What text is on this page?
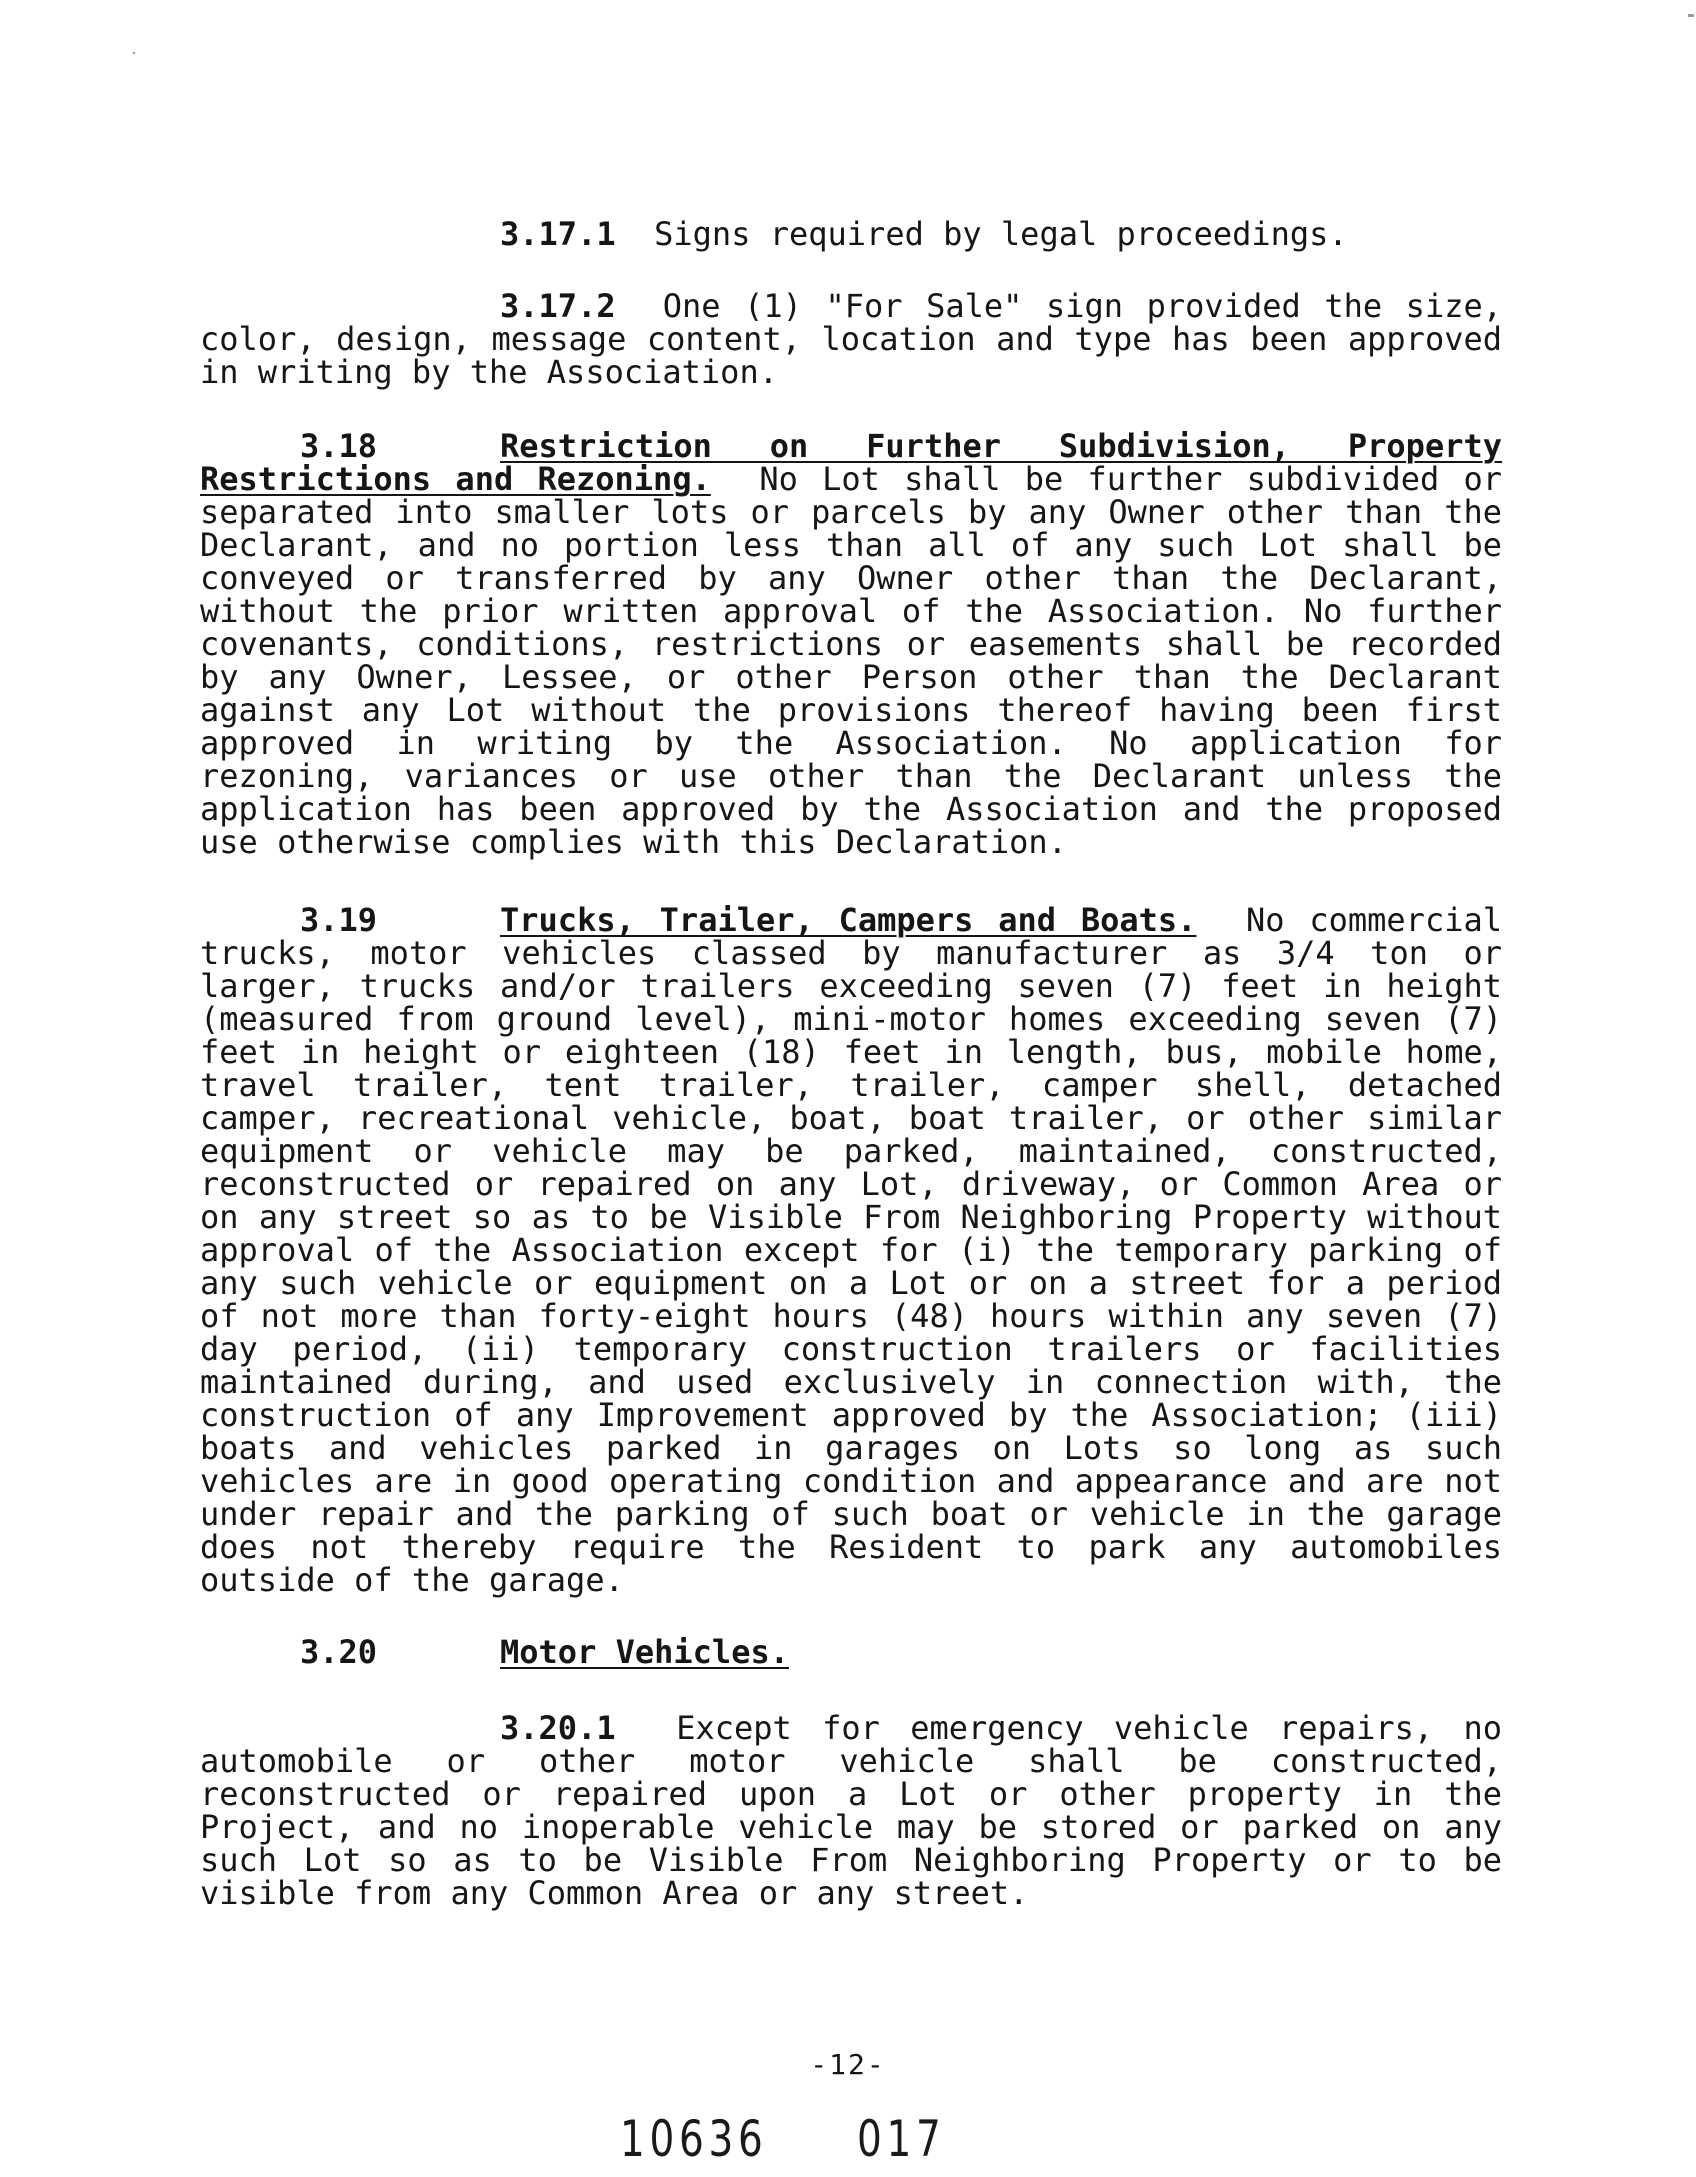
3.17.1 Signs required by legal proceedings.
3.17.2 One (1) "For Sale" sign provided the size, color, design, message content, location and type has been approved in writing by the Association.
3.18	Restriction on Further Subdivision, Property Restrictions and Rezoning. No Lot shall be further subdivided or separated into smaller lots or parcels by any Owner other than the Declarant, and no portion less than all of any such Lot shall be conveyed or transferred by any Owner other than the Declarant, without the prior written approval of the Association. No further covenants, conditions, restrictions or easements shall be recorded by any Owner, Lessee, or other Person other than the Declarant against any Lot without the provisions thereof having been first approved in writing by the Association. No application for rezoning, variances or use other than the Declarant unless the application has been approved by the Association and the proposed use otherwise complies with this Declaration.
3.19	Trucks, Trailer, Campers and Boats. No commercial trucks, motor vehicles classed by manufacturer as 3/4 ton or larger, trucks and/or trailers exceeding seven (7) feet in height (measured from ground level), mini-motor homes exceeding seven (7) feet in height or eighteen (18) feet in length, bus, mobile home, travel trailer, tent trailer, trailer, camper shell, detached camper, recreational vehicle, boat, boat trailer, or other similar equipment or vehicle may be parked, maintained, constructed, reconstructed or repaired on any Lot, driveway, or Common Area or on any street so as to be Visible From Neighboring Property without approval of the Association except for (i) the temporary parking of any such vehicle or equipment on a Lot or on a street for a period of not more than forty-eight hours (48) hours within any seven (7) day period, (ii) temporary construction trailers or facilities maintained during, and used exclusively in connection with, the construction of any Improvement approved by the Association; (iii) boats and vehicles parked in garages on Lots so long as such vehicles are in good operating condition and appearance and are not under repair and the parking of such boat or vehicle in the garage does not thereby require the Resident to park any automobiles outside of the garage.
3.20	Motor Vehicles.
3.20.1 Except for emergency vehicle repairs, no automobile or other motor vehicle shall be constructed, reconstructed or repaired upon a Lot or other property in the Project, and no inoperable vehicle may be stored or parked on any such Lot so as to be Visible From Neighboring Property or to be visible from any Common Area or any street.
-12-
10636 017
